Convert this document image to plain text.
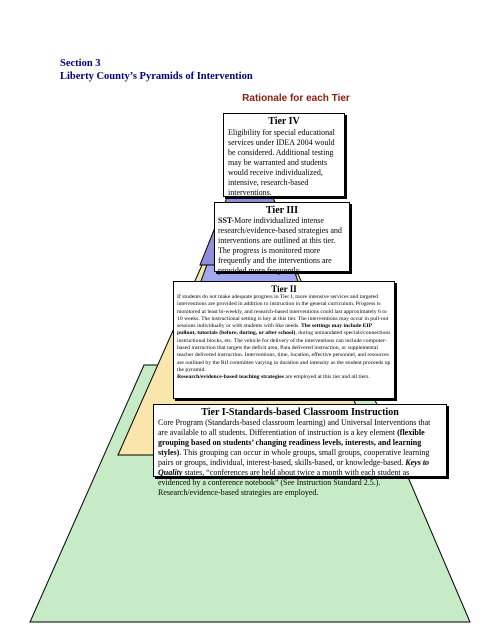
Section 3
Liberty County’s Pyramids of Intervention
Rationale for each Tier
Tier IV

Eligibility for special educational services under IDEA 2004 would be considered. Additional testing may be warranted and students would receive individualized, intensive, research-based interventions.

Tier III

SST-More individualized intense research/evidence-based strategies and interventions are outlined at this tier. The progress is monitored more frequently and the interventions are provided more frequently.

Tier II

If students do not make adequate progress in Tier I, more intensive services and targeted interventions are provided in addition to instruction in the general curriculum. Progress is monitored at least bi-weekly, and research-based interventions could last approximately 6 to 10 weeks. The instructional setting is key at this tier. The interventions may occur in pull-out sessions individually or with students with like needs. The settings may include EIP pullout, tutorials (before, during, or after school), during unmandated specials/connections instructional blocks, etc. The vehicle for delivery of the interventions can include computer-based instruction that targets the deficit area, Para delivered instruction, or supplemental teacher delivered instruction. Interventions, time, location, effective personnel, and resources are outlined by the RtI committee varying in duration and intensity as the student proceeds up the pyramid.
Research/evidence-based teaching strategies are employed at this tier and all tiers.

Tier I-Standards-based Classroom Instruction

Core Program (Standards-based classroom learning) and Universal Interventions that are available to all students. Differentiation of instruction is a key element (flexible grouping based on students’ changing readiness levels, interests, and learning styles). This grouping can occur in whole groups, small groups, cooperative learning pairs or groups, individual, interest-based, skills-based, or knowledge-based. Keys to Quality states, “conferences are held about twice a month with each student as evidenced by a conference notebook” (See Instruction Standard 2.5.). Research/evidence-based strategies are employed.
